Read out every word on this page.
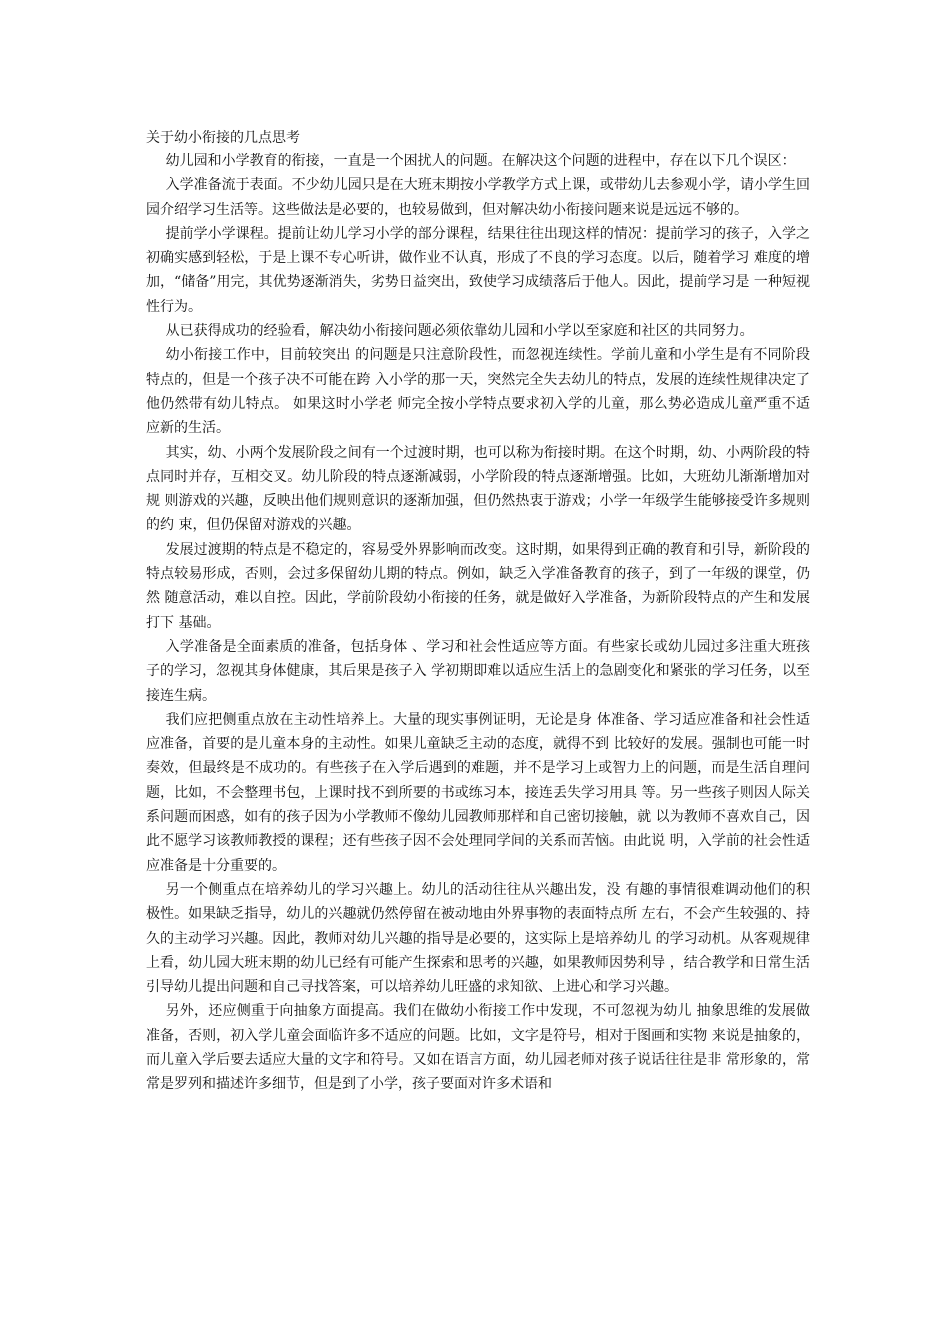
关于幼小衔接的几点思考

幼儿园和小学教育的衔接，一直是一个困扰人的问题。在解决这个问题的进程中，存在以下几个误区：

入学准备流于表面。不少幼儿园只是在大班末期按小学教学方式上课，或带幼儿去参观小学，请小学生回 园介绍学习生活等。这些做法是必要的，也较易做到，但对解决幼小衔接问题来说是远远不够的。

提前学小学课程。提前让幼儿学习小学的部分课程，结果往往出现这样的情况：提前学习的孩子，入学之初确实感到轻松，于是上课不专心听讲，做作业不认真，形成了不良的学习态度。以后，随着学习 难度的增加，“储备”用完，其优势逐渐消失，劣势日益突出，致使学习成绩落后于他人。因此，提前学习是 一种短视性行为。

从已获得成功的经验看，解决幼小衔接问题必须依靠幼儿园和小学以至家庭和社区的共同努力。

幼小衔接工作中，目前较突出 的问题是只注意阶段性，而忽视连续性。学前儿童和小学生是有不同阶段特点的，但是一个孩子决不可能在跨 入小学的那一天，突然完全失去幼儿的特点，发展的连续性规律决定了他仍然带有幼儿特点。 如果这时小学老 师完全按小学特点要求初入学的儿童，那么势必造成儿童严重不适应新的生活。

其实，幼、小两个发展阶段之间有一个过渡时期，也可以称为衔接时期。在这个时期，幼、小两阶段的特 点同时并存，互相交叉。幼儿阶段的特点逐渐减弱，小学阶段的特点逐渐增强。比如，大班幼儿渐渐增加对规 则游戏的兴趣，反映出他们规则意识的逐渐加强，但仍然热衷于游戏；小学一年级学生能够接受许多规则的约 束，但仍保留对游戏的兴趣。

发展过渡期的特点是不稳定的，容易受外界影响而改变。这时期，如果得到正确的教育和引导，新阶段的 特点较易形成，否则，会过多保留幼儿期的特点。例如，缺乏入学准备教育的孩子，到了一年级的课堂，仍然 随意活动，难以自控。因此，学前阶段幼小衔接的任务，就是做好入学准备，为新阶段特点的产生和发展打下 基础。

入学准备是全面素质的准备，包括身体 、学习和社会性适应等方面。有些家长或幼儿园过多注重大班孩子的学习，忽视其身体健康，其后果是孩子入 学初期即难以适应生活上的急剧变化和紧张的学习任务，以至接连生病。

我们应把侧重点放在主动性培养上。大量的现实事例证明，无论是身 体准备、学习适应准备和社会性适应准备，首要的是儿童本身的主动性。如果儿童缺乏主动的态度，就得不到 比较好的发展。强制也可能一时奏效，但最终是不成功的。有些孩子在入学后遇到的难题，并不是学习上或智力上的问题，而是生活自理问题，比如，不会整理书包，上课时找不到所要的书或练习本，接连丢失学习用具 等。另一些孩子则因人际关系问题而困惑，如有的孩子因为小学教师不像幼儿园教师那样和自己密切接触，就 以为教师不喜欢自己，因此不愿学习该教师教授的课程；还有些孩子因不会处理同学间的关系而苦恼。由此说 明，入学前的社会性适应准备是十分重要的。

另一个侧重点在培养幼儿的学习兴趣上。幼儿的活动往往从兴趣出发，没 有趣的事情很难调动他们的积极性。如果缺乏指导，幼儿的兴趣就仍然停留在被动地由外界事物的表面特点所 左右，不会产生较强的、持久的主动学习兴趣。因此，教师对幼儿兴趣的指导是必要的，这实际上是培养幼儿 的学习动机。从客观规律上看，幼儿园大班末期的幼儿已经有可能产生探索和思考的兴趣，如果教师因势利导 ，结合教学和日常生活引导幼儿提出问题和自己寻找答案，可以培养幼儿旺盛的求知欲、上进心和学习兴趣。

另外，还应侧重于向抽象方面提高。我们在做幼小衔接工作中发现，不可忽视为幼儿 抽象思维的发展做准备，否则，初入学儿童会面临许多不适应的问题。比如，文字是符号，相对于图画和实物 来说是抽象的，而儿童入学后要去适应大量的文字和符号。又如在语言方面，幼儿园老师对孩子说话往往是非 常形象的，常常是罗列和描述许多细节，但是到了小学，孩子要面对许多术语和
